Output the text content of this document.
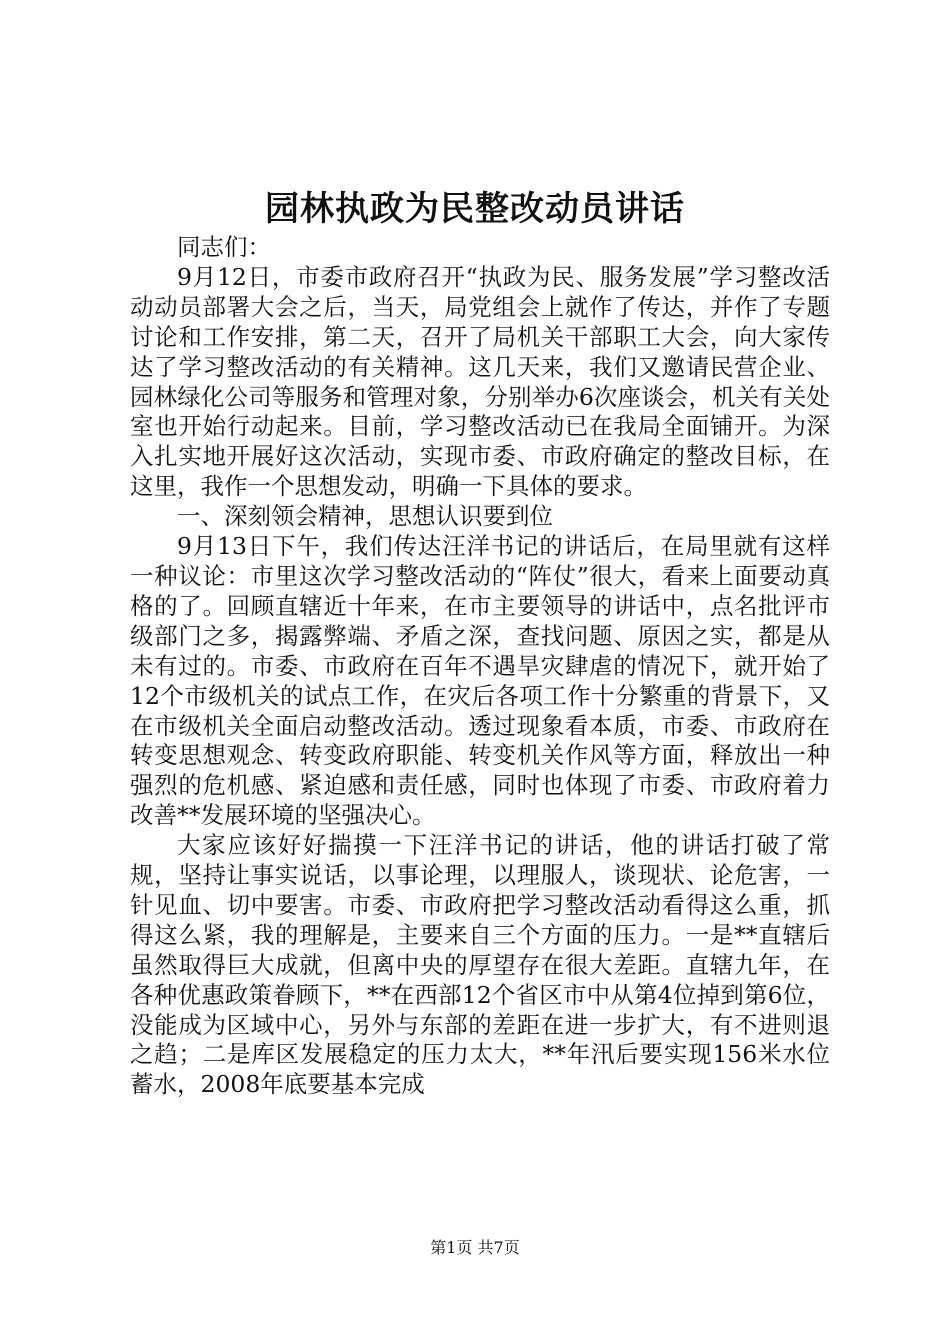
园林执政为民整改动员讲话

同志们：

9月12日，市委市政府召开“执政为民、服务发展”学习整改活动动员部署大会之后，当天，局党组会上就作了传达，并作了专题讨论和工作安排，第二天，召开了局机关干部职工大会，向大家传达了学习整改活动的有关精神。这几天来，我们又邀请民营企业、园林绿化公司等服务和管理对象，分别举办6次座谈会，机关有关处室也开始行动起来。目前，学习整改活动已在我局全面铺开。为深入扎实地开展好这次活动，实现市委、市政府确定的整改目标，在这里，我作一个思想发动，明确一下具体的要求。

一、深刻领会精神，思想认识要到位

9月13日下午，我们传达汪洋书记的讲话后，在局里就有这样一种议论：市里这次学习整改活动的“阵仗”很大，看来上面要动真格的了。回顾直辖近十年来，在市主要领导的讲话中，点名批评市级部门之多，揭露弊端、矛盾之深，查找问题、原因之实，都是从未有过的。市委、市政府在百年不遇旱灾肆虐的情况下，就开始了12个市级机关的试点工作，在灾后各项工作十分繁重的背景下，又在市级机关全面启动整改活动。透过现象看本质，市委、市政府在转变思想观念、转变政府职能、转变机关作风等方面，释放出一种强烈的危机感、紧迫感和责任感，同时也体现了市委、市政府着力改善**发展环境的坚强决心。

大家应该好好揣摸一下汪洋书记的讲话，他的讲话打破了常规，坚持让事实说话，以事论理，以理服人，谈现状、论危害，一针见血、切中要害。市委、市政府把学习整改活动看得这么重，抓得这么紧，我的理解是，主要来自三个方面的压力。一是**直辖后虽然取得巨大成就，但离中央的厚望存在很大差距。直辖九年，在各种优惠政策眷顾下，**在西部12个省区市中从第4位掉到第6位，没能成为区域中心，另外与东部的差距在进一步扩大，有不进则退之趋；二是库区发展稳定的压力太大，**年汛后要实现156米水位蓄水，2008年底要基本完成

第1页 共7页
